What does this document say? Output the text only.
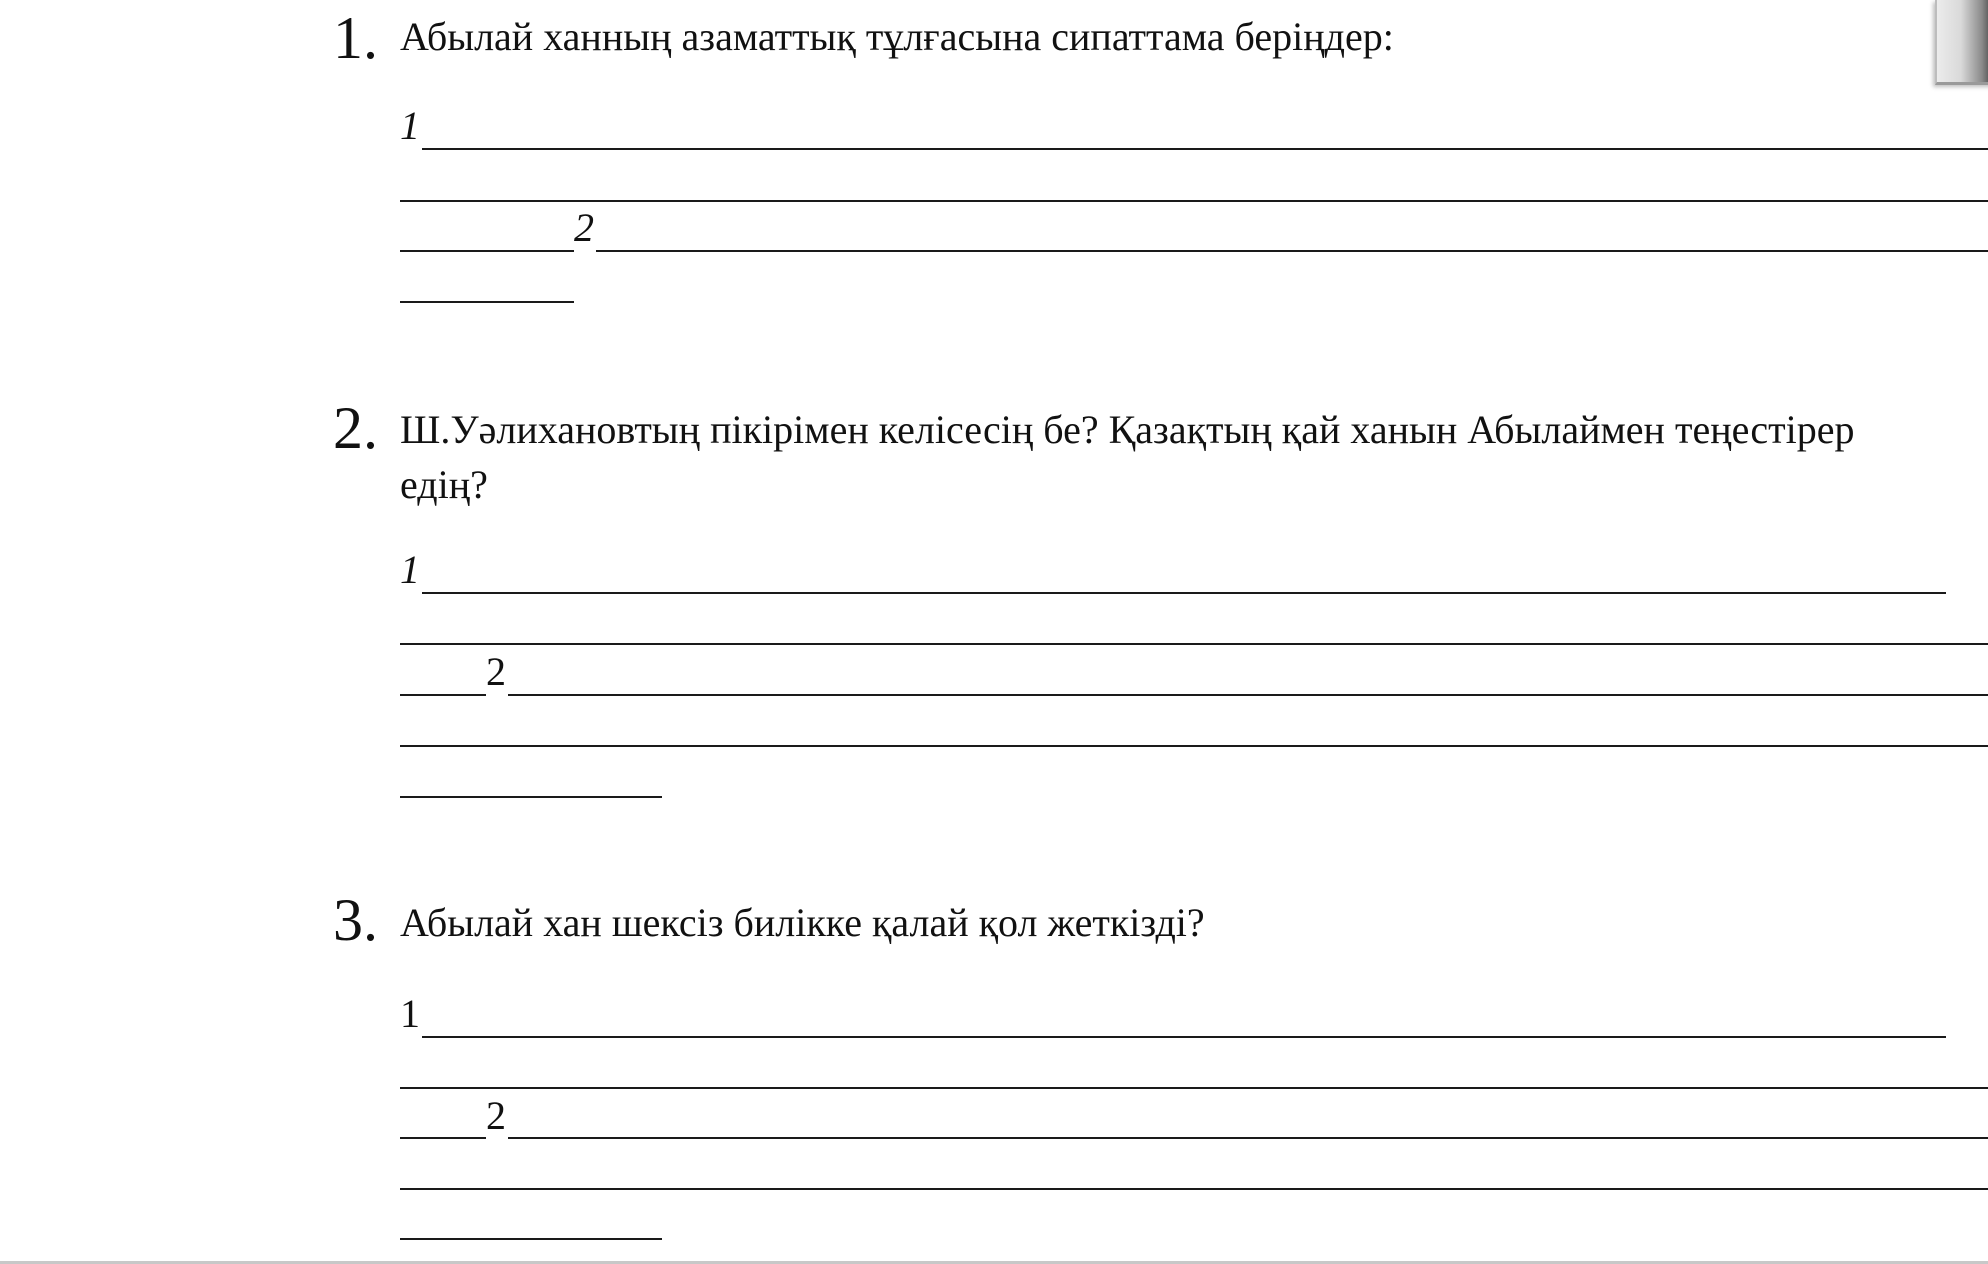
1. Абылай ханның азаматтық тұлғасына сипаттама беріңдер:
1
2
2. Ш.Уәлихановтың пікірімен келісесің бе? Қазақтың қай ханын Абылаймен теңестірер
едің?
1
2
3. Абылай хан шексіз билікке қалай қол жеткізді?
1
2
